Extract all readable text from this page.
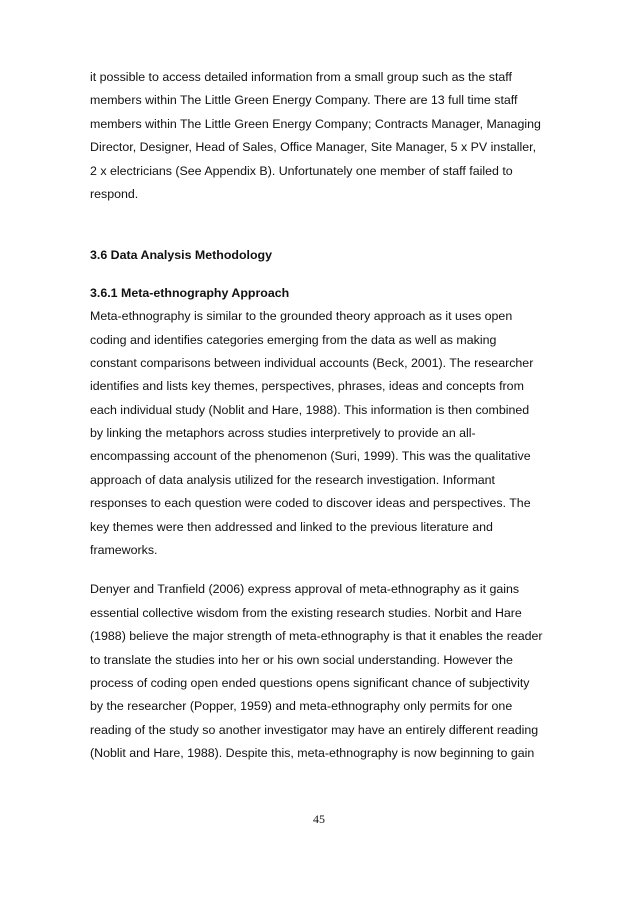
it possible to access detailed information from a small group such as the staff
members within The Little Green Energy Company. There are 13 full time staff
members within The Little Green Energy Company; Contracts Manager, Managing
Director, Designer, Head of Sales, Office Manager, Site Manager, 5 x PV installer,
2 x electricians (See Appendix B). Unfortunately one member of staff failed to
respond.
3.6 Data Analysis Methodology
3.6.1 Meta-ethnography Approach
Meta-ethnography is similar to the grounded theory approach as it uses open
coding and identifies categories emerging from the data as well as making
constant comparisons between individual accounts (Beck, 2001). The researcher
identifies and lists key themes, perspectives, phrases, ideas and concepts from
each individual study (Noblit and Hare, 1988). This information is then combined
by linking the metaphors across studies interpretively to provide an all-
encompassing account of the phenomenon (Suri, 1999). This was the qualitative
approach of data analysis utilized for the research investigation. Informant
responses to each question were coded to discover ideas and perspectives. The
key themes were then addressed and linked to the previous literature and
frameworks.
Denyer and Tranfield (2006) express approval of meta-ethnography as it gains
essential collective wisdom from the existing research studies. Norbit and Hare
(1988) believe the major strength of meta-ethnography is that it enables the reader
to translate the studies into her or his own social understanding. However the
process of coding open ended questions opens significant chance of subjectivity
by the researcher (Popper, 1959) and meta-ethnography only permits for one
reading of the study so another investigator may have an entirely different reading
(Noblit and Hare, 1988). Despite this, meta-ethnography is now beginning to gain
45
